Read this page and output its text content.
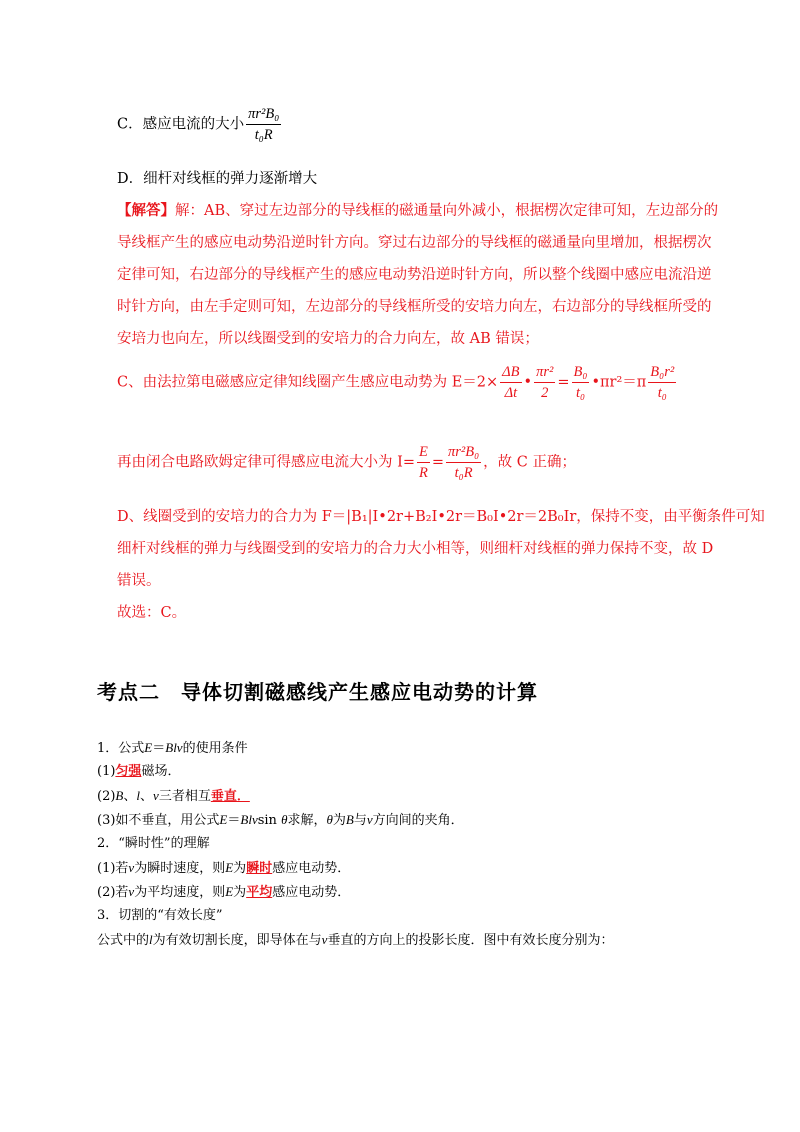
C．感应电流的大小 $\frac{\text{πr²B₀}}{\text{t₀R}}$
D．细杆对线框的弹力逐渐增大
【解答】解：AB、穿过左边部分的导线框的磁通量向外减小，根据楞次定律可知，左边部分的
导线框产生的感应电动势沿逆时针方向。穿过右边部分的导线框的磁通量向里增加，根据楞次
定律可知，右边部分的导线框产生的感应电动势沿逆时针方向，所以整个线圈中感应电流沿逆
时针方向，由左手定则可知，左边部分的导线框所受的安培力向左，右边部分的导线框所受的
安培力也向左，所以线圈受到的安培力的合力向左，故 AB 错误；
C、由法拉第电磁感应定律知线圈产生感应电动势为 $E=2\times \frac{\Delta B}{\Delta t}$ • $\frac{\text{πr²}}{2} = \frac{\text{B₀}}{\text{t₀}}$ •πr²＝π $\frac{\text{B₀r²}}{\text{t₀}}$
再由闭合电路欧姆定律可得感应电流大小为 $I= \frac{E}{R} = \frac{\text{πr²B₀}}{\text{t₀R}}$ ，故 C 正确；
D、线圈受到的安培力的合力为 F＝|B₁|I•2r+B₂I•2r＝B₀I•2r＝2B₀Ir，保持不变，由平衡条件可知
细杆对线框的弹力与线圈受到的安培力的合力大小相等，则细杆对线框的弹力保持不变，故 D
错误。
故选：C。
考点二　导体切割磁感线产生感应电动势的计算
1．公式E＝Blv的使用条件
(1)匀强磁场．
(2)B、l、v三者相互垂直．
(3)如不垂直，用公式E＝Blvsin θ求解，θ为B与v方向间的夹角．
2．“瞬时性”的理解
(1)若v为瞬时速度，则E为瞬时感应电动势．
(2)若v为平均速度，则E为平均感应电动势．
3．切割的“有效长度”
公式中的l为有效切割长度，即导体在与v垂直的方向上的投影长度．图中有效长度分别为：
